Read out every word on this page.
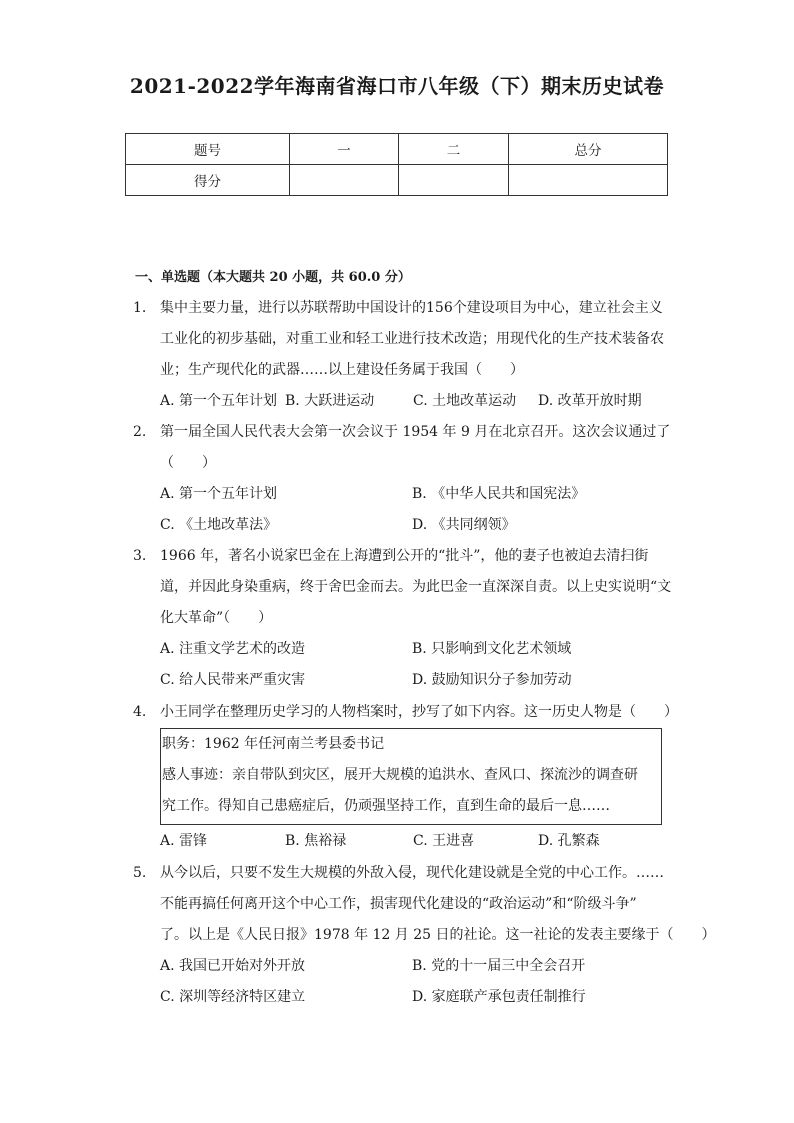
2021-2022学年海南省海口市八年级（下）期末历史试卷
题号	一	二	总分
得分			
一、单选题（本大题共 20 小题，共 60.0 分）
1. 集中主要力量，进行以苏联帮助中国设计的156个建设项目为中心，建立社会主义
工业化的初步基础，对重工业和轻工业进行技术改造；用现代化的生产技术装备农
业；生产现代化的武器……以上建设任务属于我国（　　）
A. 第一个五年计划 B. 大跃进运动	C. 土地改革运动 D. 改革开放时期
2. 第一届全国人民代表大会第一次会议于 1954 年 9 月在北京召开。这次会议通过了
（　　）
A. 第一个五年计划	B. 《中华人民共和国宪法》
C. 《土地改革法》	D. 《共同纲领》
3. 1966 年，著名小说家巴金在上海遭到公开的“批斗”，他的妻子也被迫去清扫街
道，并因此身染重病，终于舍巴金而去。为此巴金一直深深自责。以上史实说明“文
化大革命”（　　）
A. 注重文学艺术的改造	B. 只影响到文化艺术领域
C. 给人民带来严重灾害	D. 鼓励知识分子参加劳动
4. 小王同学在整理历史学习的人物档案时，抄写了如下内容。这一历史人物是（　　）
职务：1962 年任河南兰考县委书记
感人事迹：亲自带队到灾区，展开大规模的追洪水、查风口、探流沙的调查研
究工作。得知自己患癌症后，仍顽强坚持工作，直到生命的最后一息……
A. 雷锋	B. 焦裕禄	C. 王进喜	D. 孔繁森
5. 从今以后，只要不发生大规模的外敌入侵，现代化建设就是全党的中心工作。……
不能再搞任何离开这个中心工作，损害现代化建设的“政治运动”和“阶级斗争”
了。以上是《人民日报》1978 年 12 月 25 日的社论。这一社论的发表主要缘于（　　）
A. 我国已开始对外开放	B. 党的十一届三中全会召开
C. 深圳等经济特区建立	D. 家庭联产承包责任制推行
